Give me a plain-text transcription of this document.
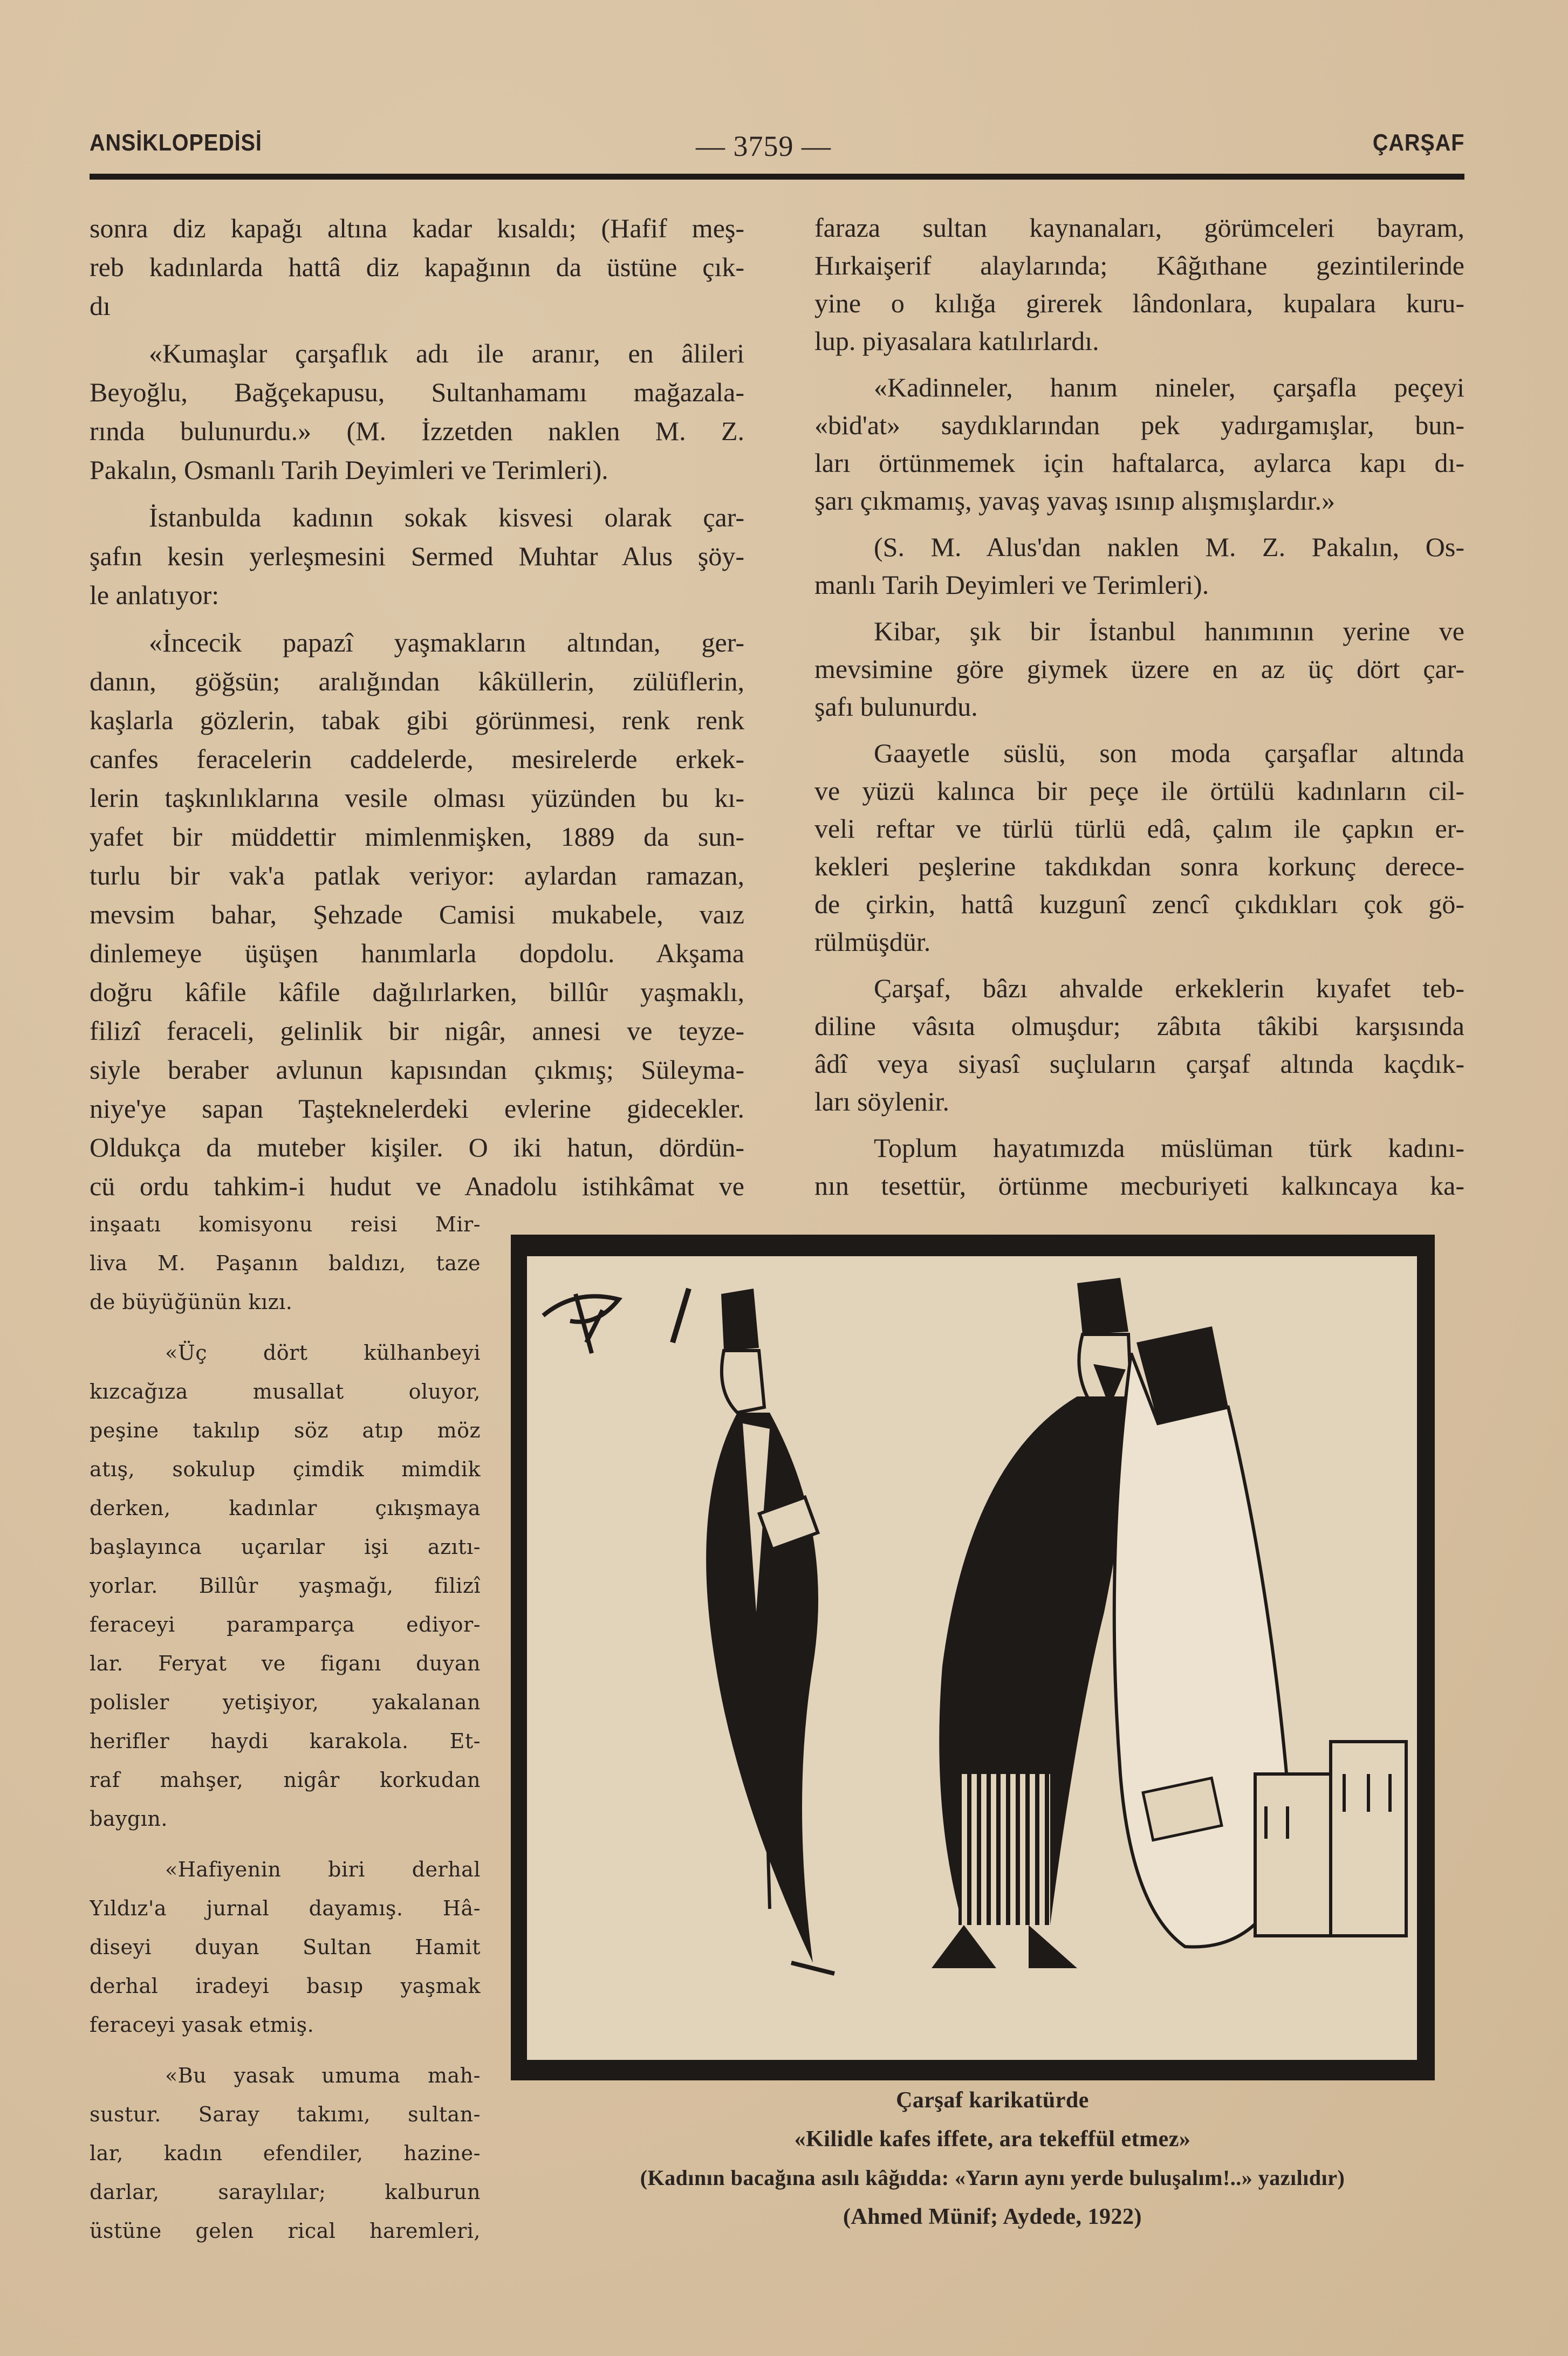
ANSİKLOPEDİSİ	— 3759 —	ÇARŞAF
sonra diz kapağı altına kadar kısaldı; (Hafif meş-
reb kadınlarda hattâ diz kapağının da üstüne çık-
dı
«Kumaşlar çarşaflık adı ile aranır, en âlileri
Beyoğlu, Bağçekapusu, Sultanhamamı mağazala-
rında bulunurdu.» (M. İzzetden naklen M. Z.
Pakalın, Osmanlı Tarih Deyimleri ve Terimleri).
İstanbulda kadının sokak kisvesi olarak çar-
şafın kesin yerleşmesini Sermed Muhtar Alus şöy-
le anlatıyor:
«İncecik papazî yaşmakların altından, ger-
danın, göğsün; aralığından kâküllerin, zülüflerin,
kaşlarla gözlerin, tabak gibi görünmesi, renk renk
canfes feracelerin caddelerde, mesirelerde erkek-
lerin taşkınlıklarına vesile olması yüzünden bu kı-
yafet bir müddettir mimlenmişken, 1889 da sun-
turlu bir vak'a patlak veriyor: aylardan ramazan,
mevsim bahar, Şehzade Camisi mukabele, vaız
dinlemeye üşüşen hanımlarla dopdolu. Akşama
doğru kâfile kâfile dağılırlarken, billûr yaşmaklı,
filizî feraceli, gelinlik bir nigâr, annesi ve teyze-
siyle beraber avlunun kapısından çıkmış; Süleyma-
niye'ye sapan Taşteknelerdeki evlerine gidecekler.
Oldukça da muteber kişiler. O iki hatun, dördün-
cü ordu tahkim-i hudut ve Anadolu istihkâmat ve
inşaatı komisyonu reisi Mir-
liva M. Paşanın baldızı, taze
de büyüğünün kızı.
«Üç dört külhanbeyi
kızcağıza musallat oluyor,
peşine takılıp söz atıp möz
atış, sokulup çimdik mimdik
derken, kadınlar çıkışmaya
başlayınca uçarılar işi azıtı-
yorlar. Billûr yaşmağı, filizî
feraceyi paramparça ediyor-
lar. Feryat ve figanı duyan
polisler yetişiyor, yakalanan
herifler haydi karakola. Et-
raf mahşer, nigâr korkudan
baygın.
«Hafiyenin biri derhal
Yıldız'a jurnal dayamış. Hâ-
diseyi duyan Sultan Hamit
derhal iradeyi basıp yaşmak
feraceyi yasak etmiş.
«Bu yasak umuma mah-
sustur. Saray takımı, sultan-
lar, kadın efendiler, hazine-
darlar, saraylılar; kalburun
üstüne gelen rical haremleri,
faraza sultan kaynanaları, görümceleri bayram,
Hırkaişerif alaylarında; Kâğıthane gezintilerinde
yine o kılığa girerek lândonlara, kupalara kuru-
lup. piyasalara katılırlardı.
«Kadinneler, hanım nineler, çarşafla peçeyi
«bid'at» saydıklarından pek yadırgamışlar, bun-
ları örtünmemek için haftalarca, aylarca kapı dı-
şarı çıkmamış, yavaş yavaş ısınıp alışmışlardır.»
(S. M. Alus'dan naklen M. Z. Pakalın, Os-
manlı Tarih Deyimleri ve Terimleri).
Kibar, şık bir İstanbul hanımının yerine ve
mevsimine göre giymek üzere en az üç dört çar-
şafı bulunurdu.
Gaayetle süslü, son moda çarşaflar altında
ve yüzü kalınca bir peçe ile örtülü kadınların cil-
veli reftar ve türlü türlü edâ, çalım ile çapkın er-
kekleri peşlerine takdıkdan sonra korkunç derece-
de çirkin, hattâ kuzgunî zencî çıkdıkları çok gö-
rülmüşdür.
Çarşaf, bâzı ahvalde erkeklerin kıyafet teb-
diline vâsıta olmuşdur; zâbıta tâkibi karşısında
âdî veya siyasî suçluların çarşaf altında kaçdık-
ları söylenir.
Toplum hayatımızda müslüman türk kadını-
nın tesettür, örtünme mecburiyeti kalkıncaya ka-
Çarşaf karikatürde
«Kilidle kafes iffete, ara tekeffül etmez»
(Kadının bacağına asılı kâğıdda: «Yarın aynı yerde buluşalım!..» yazılıdır)
(Ahmed Münif; Aydede, 1922)
